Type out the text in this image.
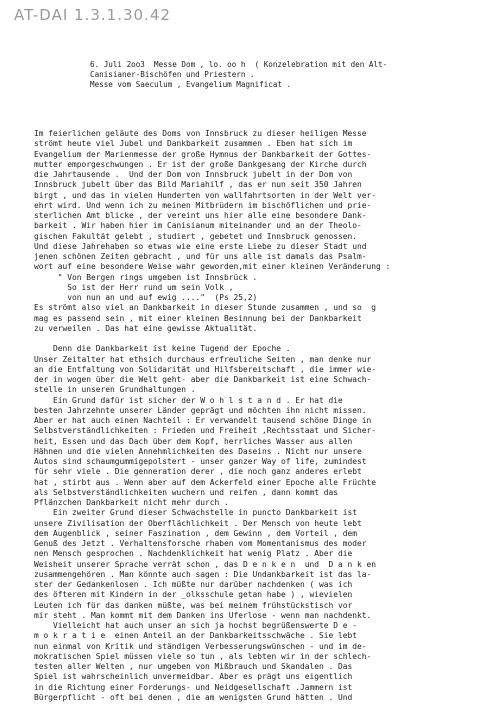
AT-DAI 1.3.1.30.42
6. Juli 2oo3  Messe Dom , lo. oo h  ( Konzelebration mit den Alt-
Canisianer-Bischöfen und Priestern .
Messe vom Saeculum , Evangelium Magnificat .
Im feierlichen geläute des Doms von Innsbruck zu dieser heiligen Messe
strömt heute viel Jubel und Dankbarkeit zusammen . Eben hat sich im
Evangelium der Marienmesse der große Hymnus der Dankbarkeit der Gottes-
mutter emporgeschwungen . Er ist der große Dankgesang der Kirche durch
die Jahrtausende .  Und der Dom von Innsbruck jubelt in der Dom von
Innsbruck jubelt über das Bild Mariahilf , das er nun seit 350 Jahren
birgt , und das in vielen Hunderten von wallfahrtsorten in der Welt ver-
ehrt wird. Und wenn ich zu meinen Mitbrüdern im bischöflichen und prie-
sterlichen Amt blicke , der vereint uns hier alle eine besondere Dank-
barkeit . Wir haben hier im Canisianum miteinander und an der Theolo-
gischen Fakultät gelebt , studiert , gebetet und Innsbruck genossen.
Und diese Jahrehaben so etwas wie eine erste Liebe zu dieser Stadt und
jenen schönen Zeiten gebracht , und für uns alle ist damals das Psalm-
wort auf eine besondere Weise wahr geworden,mit einer kleinen Veränderung :
" Von Bergen rings umgeben ist Innsbrück .
So ist der Herr rund um sein Volk ,
von nun an und auf ewig ...."  (Ps 25,2)
Es strömt also viel an Dankbarkeit in dieser Stunde zusammen , und so  g
mag es passend sein , mit einer kleinen Besinnung bei der Dankbarkeit
zu verweilen . Das hat eine gewisse Aktualität.

Denn die Dankbarkeit ist keine Tugend der Epoche .
Unser Zeitalter hat ethsich durchaus erfreuliche Seiten , man denke nur
an die Entfaltung von Solidarität und Hilfsbereitschaft , die immer wie-
der in wogen über die Welt geht- aber die Dankbarkeit ist eine Schwach-
stelle in unseren Grundhaltungen .
Ein Grund dafür ist sicher der W o h l s t a n d . Er hat die
besten Jahrzehnte unserer Länder geprägt und möchten ihn nicht missen.
Aber er hat auch einen Nachteil : Er verwandelt tausend schöne Dinge in
Selbstverständlichkeiten : Frieden und Freiheit ,Rechtsstaat und Sicher-
heit, Essen und das Dach über dem Kopf, herrliches Wasser aus allen
Hähnen und die vielen Annehmlichkeiten des Daseins . Nicht nur unsere
Autos sind schaumgummigepolstert - unser ganzer Way of life, zumindest
für sehr viele . Die genneration derer , die noch ganz anderes erlebt
hat , stirbt aus . Wenn aber auf dem Ackerfeld einer Epoche alle Früchte
als Selbstverständlichkeiten wuchern und reifen , dann kommt das
Pflänzchen Dankbarkeit nicht mehr durch .
Ein zweiter Grund dieser Schwachstelle in puncto Dankbarkeit ist
unsere Zivilisation der Oberflächlichkeit . Der Mensch von heute lebt
dem Augenblick , seiner Faszination , dem Gewinn , dem Vorteil , dem
Genuß des Jetzt . Verhaltensforsche rhaben vom Momentanismus des moder
nen Mensch gesprochen . Nachdenklichkeit hat wenig Platz . Aber die
Weisheit unserer Sprache verrät schon , das D e n k e n  und  D a n k en
zusammengehören . Man könnte auch sagen : Die Undankbarkeit ist das la-
ster der Gedankenlosen . Ich müßte nur darüber nachdenken ( was ich
des öfteren mit Kindern in der _olksschule getan habe ) , wievielen
Leuten ich für das danken müßte, was bei meinem frühstückstisch vor
mir steht . Man kommt mit dem Danken ins Uferlose - wenn man nachdenkt.
Vielleicht hat auch unser an sich ja hochst begrüßenswerte D e -
m o k r a t i e  einen Anteil an der Dankbarkeitsschwäche . Sie lebt
nun einmal von Kritik und ständigen Verbesserungswünschen - und im de-
mokratischen Spiel müssen viele so tun , als lebten wir in der schlech-
testen aller Welten , nur umgeben von Mißbrauch und Skandalen . Das
Spiel ist wahrscheinlich unvermeidbar. Aber es prägt uns eigentlich
in die Richtung einer Forderungs- und Neidgesellschaft .Jammern ist
Bürgerpflicht - oft bei denen , die am wenigsten Grund hätten . Und
